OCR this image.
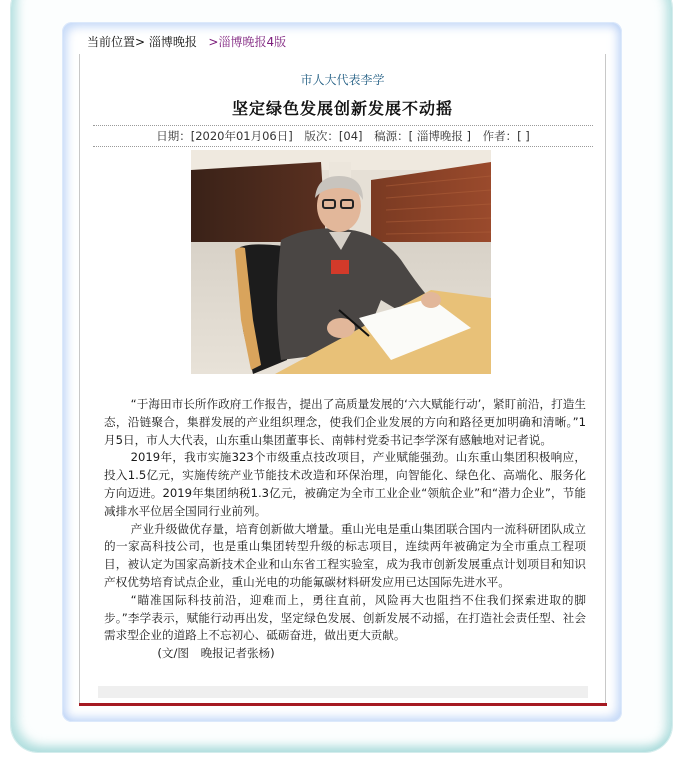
当前位置> 淄博晚报 >淄博晚报4版
市人大代表李学
坚定绿色发展创新发展不动摇
日期：[2020年01月06日] 版次：[04] 稿源：[ 淄博晚报 ] 作者：[ ]

“于海田市长所作政府工作报告，提出了高质量发展的‘六大赋能行动’，紧盯前沿，打造生态，沿链聚合，集群发展的产业组织理念，使我们企业发展的方向和路径更加明确和清晰。”1月5日，市人大代表，山东重山集团董事长、南韩村党委书记李学深有感触地对记者说。

2019年，我市实施323个市级重点技改项目，产业赋能强劲。山东重山集团积极响应，投入1.5亿元，实施传统产业节能技术改造和环保治理，向智能化、绿色化、高端化、服务化方向迈进。2019年集团纳税1.3亿元，被确定为全市工业企业“领航企业”和“潜力企业”，节能减排水平位居全国同行业前列。

产业升级做优存量，培育创新做大增量。重山光电是重山集团联合国内一流科研团队成立的一家高科技公司，也是重山集团转型升级的标志项目，连续两年被确定为全市重点工程项目，被认定为国家高新技术企业和山东省工程实验室，成为我市创新发展重点计划项目和知识产权优势培育试点企业，重山光电的功能氟碳材料研发应用已达国际先进水平。

“瞄准国际科技前沿，迎难而上，勇往直前，风险再大也阻挡不住我们探索进取的脚步。”李学表示，赋能行动再出发，坚定绿色发展、创新发展不动摇，在打造社会责任型、社会需求型企业的道路上不忘初心、砥砺奋进，做出更大贡献。

(文/图　晚报记者张杨)
